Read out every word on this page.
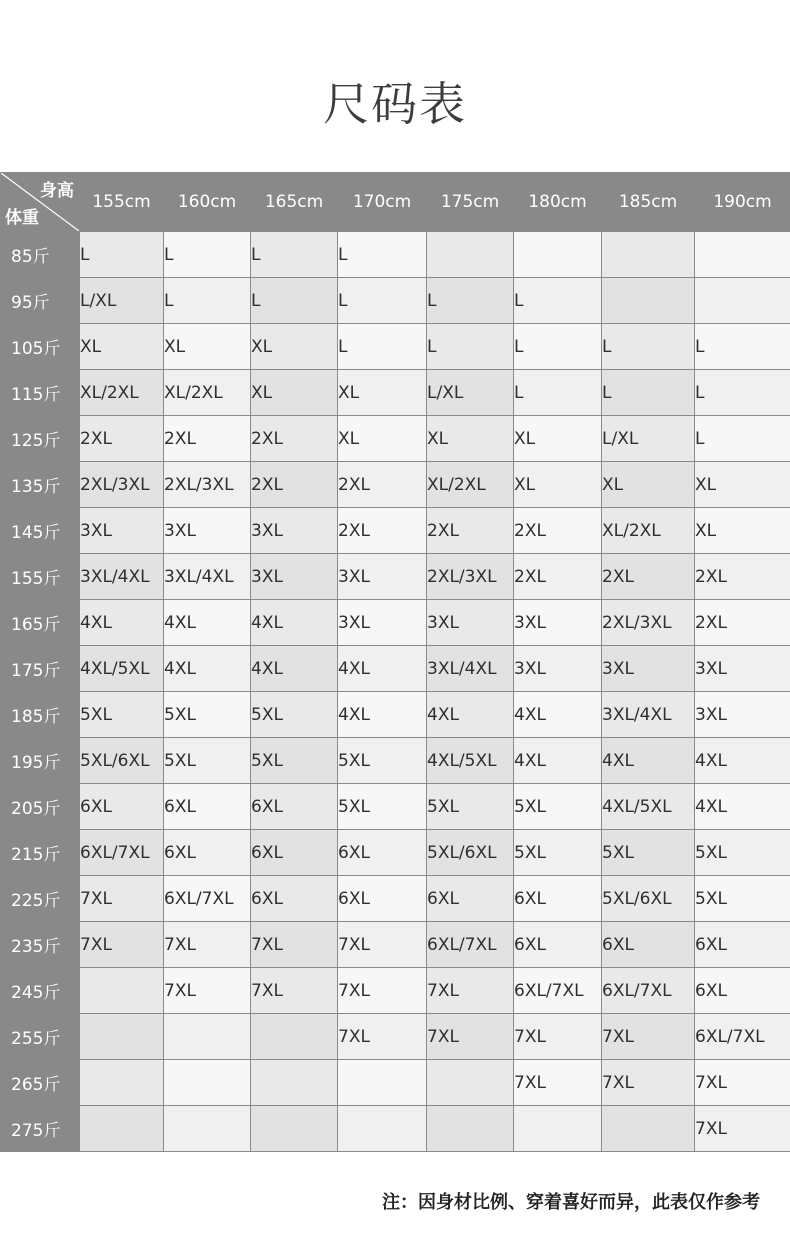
尺码表
身高
体重	155cm	160cm	165cm	170cm	175cm	180cm	185cm	190cm
85斤	L	L	L	L				
95斤	L/XL	L	L	L	L	L		
105斤	XL	XL	XL	L	L	L	L	L
115斤	XL/2XL	XL/2XL	XL	XL	L/XL	L	L	L
125斤	2XL	2XL	2XL	XL	XL	XL	L/XL	L
135斤	2XL/3XL	2XL/3XL	2XL	2XL	XL/2XL	XL	XL	XL
145斤	3XL	3XL	3XL	2XL	2XL	2XL	XL/2XL	XL
155斤	3XL/4XL	3XL/4XL	3XL	3XL	2XL/3XL	2XL	2XL	2XL
165斤	4XL	4XL	4XL	3XL	3XL	3XL	2XL/3XL	2XL
175斤	4XL/5XL	4XL	4XL	4XL	3XL/4XL	3XL	3XL	3XL
185斤	5XL	5XL	5XL	4XL	4XL	4XL	3XL/4XL	3XL
195斤	5XL/6XL	5XL	5XL	5XL	4XL/5XL	4XL	4XL	4XL
205斤	6XL	6XL	6XL	5XL	5XL	5XL	4XL/5XL	4XL
215斤	6XL/7XL	6XL	6XL	6XL	5XL/6XL	5XL	5XL	5XL
225斤	7XL	6XL/7XL	6XL	6XL	6XL	6XL	5XL/6XL	5XL
235斤	7XL	7XL	7XL	7XL	6XL/7XL	6XL	6XL	6XL
245斤		7XL	7XL	7XL	7XL	6XL/7XL	6XL/7XL	6XL
255斤				7XL	7XL	7XL	7XL	6XL/7XL
265斤						7XL	7XL	7XL
275斤								7XL
注：因身材比例、穿着喜好而异，此表仅作参考
